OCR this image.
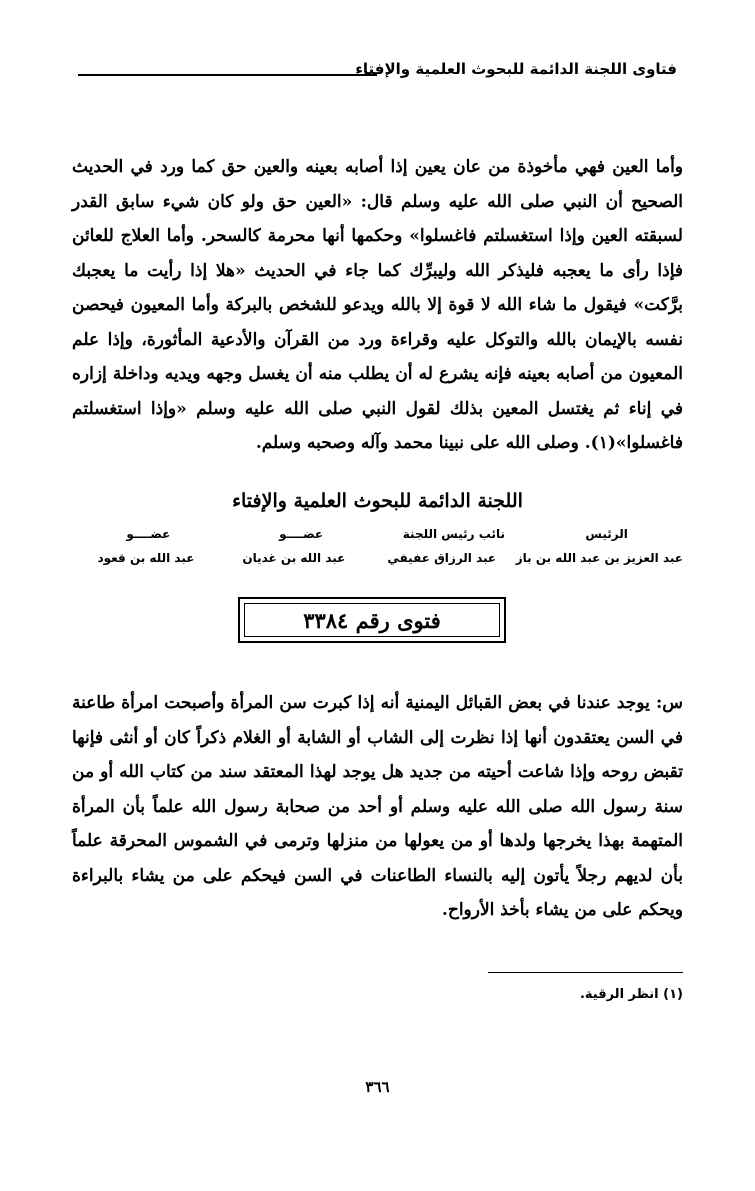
فتاوى اللجنة الدائمة للبحوث العلمية والإفتاء
وأما العين فهي مأخوذة من عان يعين إذا أصابه بعينه والعين حق كما ورد في الحديث الصحيح أن النبي صلى الله عليه وسلم قال: «العين حق ولو كان شيء سابق القدر لسبقته العين وإذا استغسلتم فاغسلوا» وحكمها أنها محرمة كالسحر. وأما العلاج للعائن فإذا رأى ما يعجبه فليذكر الله وليبرِّك كما جاء في الحديث «هلا إذا رأيت ما يعجبك برَّكت» فيقول ما شاء الله لا قوة إلا بالله ويدعو للشخص بالبركة وأما المعيون فيحصن نفسه بالإيمان بالله والتوكل عليه وقراءة ورد من القرآن والأدعية المأثورة، وإذا علم المعيون من أصابه بعينه فإنه يشرع له أن يطلب منه أن يغسل وجهه ويديه وداخلة إزاره في إناء ثم يغتسل المعين بذلك لقول النبي صلى الله عليه وسلم «وإذا استغسلتم فاغسلوا»(١). وصلى الله على نبينا محمد وآله وصحبه وسلم.
اللجنة الدائمة للبحوث العلمية والإفتاء
الرئيس
نائب رئيس اللجنة
عضــــو
عضــــو
عبد العزيز بن عبد الله بن باز
عبد الرزاق عفيفي
عبد الله بن غديان
عبد الله بن قعود
فتوى رقم ٣٣٨٤
س: يوجد عندنا في بعض القبائل اليمنية أنه إذا كبرت سن المرأة وأصبحت امرأة طاعنة في السن يعتقدون أنها إذا نظرت إلى الشاب أو الشابة أو الغلام ذكراً كان أو أنثى فإنها تقبض روحه وإذا شاعت أحيته من جديد هل يوجد لهذا المعتقد سند من كتاب الله أو من سنة رسول الله صلى الله عليه وسلم أو أحد من صحابة رسول الله علماً بأن المرأة المتهمة بهذا يخرجها ولدها أو من يعولها من منزلها وترمى في الشموس المحرقة علماً بأن لديهم رجلاً يأتون إليه بالنساء الطاعنات في السن فيحكم على من يشاء بالبراءة ويحكم على من يشاء بأخذ الأرواح.
(١) انظر الرقية.
٣٦٦
